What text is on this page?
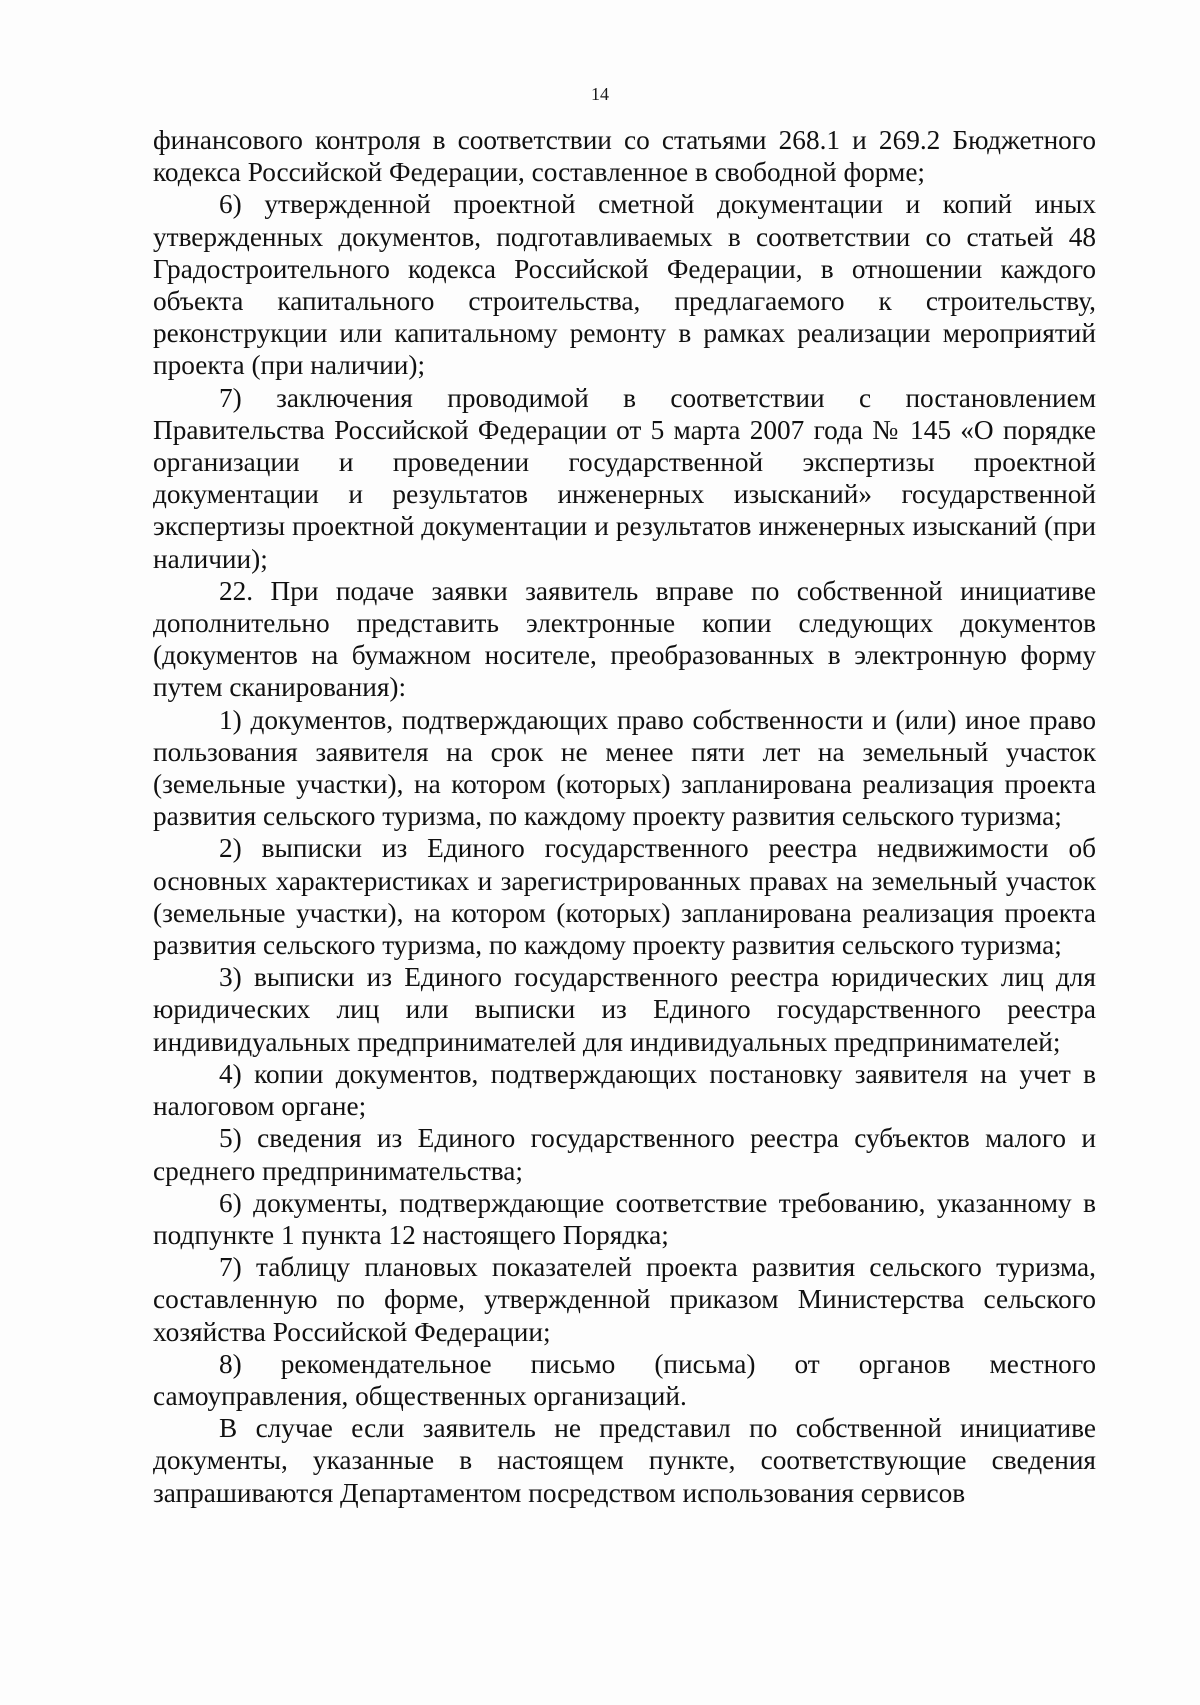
14

финансового контроля в соответствии со статьями 268.1 и 269.2 Бюджетного кодекса Российской Федерации, составленное в свободной форме;

6) утвержденной проектной сметной документации и копий иных утвержденных документов, подготавливаемых в соответствии со статьей 48 Градостроительного кодекса Российской Федерации, в отношении каждого объекта капитального строительства, предлагаемого к строительству, реконструкции или капитальному ремонту в рамках реализации мероприятий проекта (при наличии);

7) заключения проводимой в соответствии с постановлением Правительства Российской Федерации от 5 марта 2007 года № 145 «О порядке организации и проведении государственной экспертизы проектной документации и результатов инженерных изысканий» государственной экспертизы проектной документации и результатов инженерных изысканий (при наличии);

22. При подаче заявки заявитель вправе по собственной инициативе дополнительно представить электронные копии следующих документов (документов на бумажном носителе, преобразованных в электронную форму путем сканирования):

1) документов, подтверждающих право собственности и (или) иное право пользования заявителя на срок не менее пяти лет на земельный участок (земельные участки), на котором (которых) запланирована реализация проекта развития сельского туризма, по каждому проекту развития сельского туризма;

2) выписки из Единого государственного реестра недвижимости об основных характеристиках и зарегистрированных правах на земельный участок (земельные участки), на котором (которых) запланирована реализация проекта развития сельского туризма, по каждому проекту развития сельского туризма;

3) выписки из Единого государственного реестра юридических лиц для юридических лиц или выписки из Единого государственного реестра индивидуальных предпринимателей для индивидуальных предпринимателей;

4) копии документов, подтверждающих постановку заявителя на учет в налоговом органе;

5) сведения из Единого государственного реестра субъектов малого и среднего предпринимательства;

6) документы, подтверждающие соответствие требованию, указанному в подпункте 1 пункта 12 настоящего Порядка;

7) таблицу плановых показателей проекта развития сельского туризма, составленную по форме, утвержденной приказом Министерства сельского хозяйства Российской Федерации;

8) рекомендательное письмо (письма) от органов местного самоуправления, общественных организаций.

В случае если заявитель не представил по собственной инициативе документы, указанные в настоящем пункте, соответствующие сведения запрашиваются Департаментом посредством использования сервисов
